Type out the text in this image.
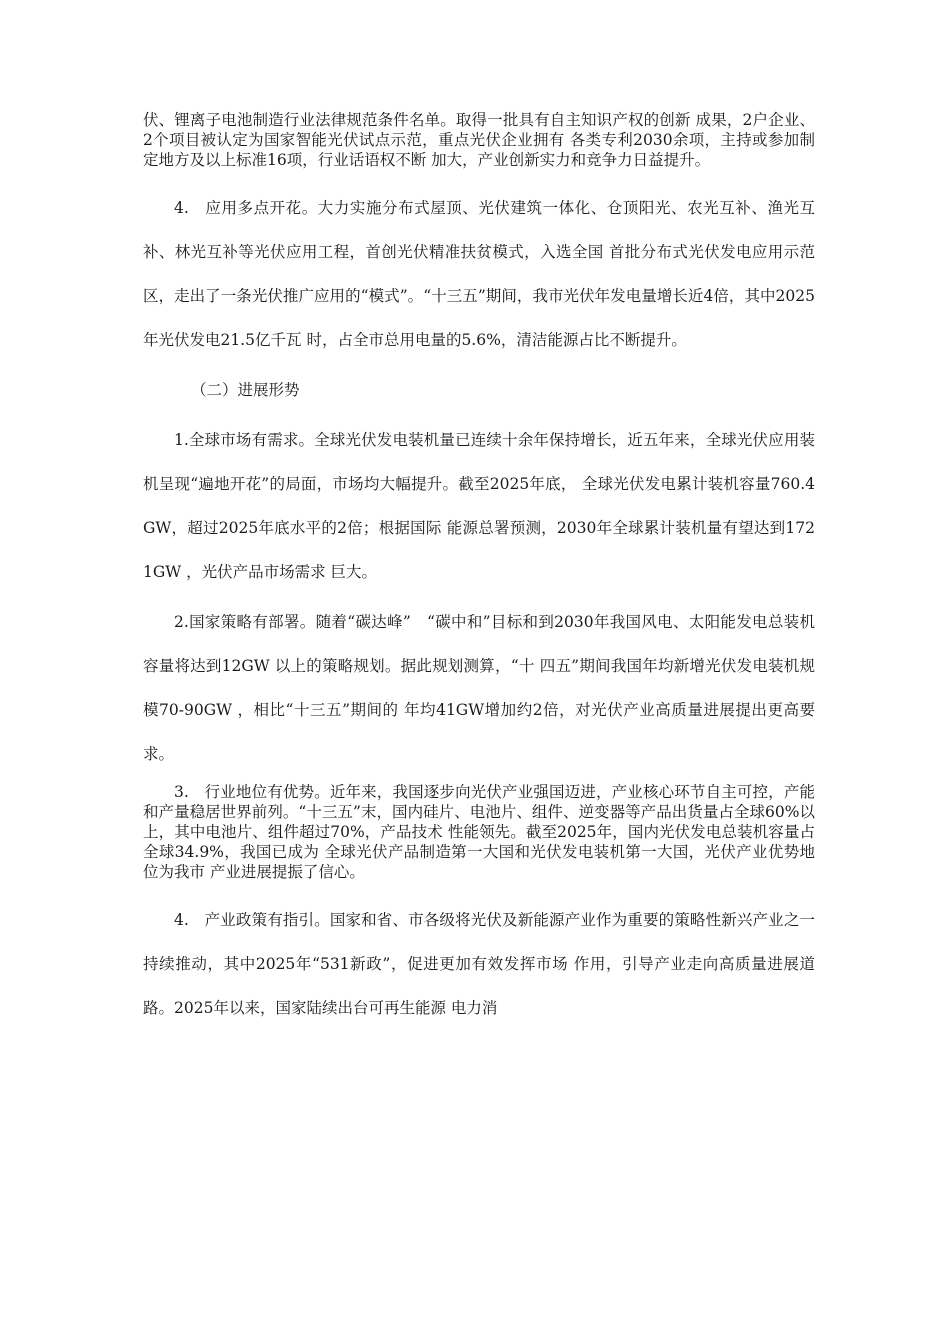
伏、锂离子电池制造行业法律规范条件名单。取得一批具有自主知识产权的创新 成果，2户企业、2个项目被认定为国家智能光伏试点示范，重点光伏企业拥有 各类专利2030余项，主持或参加制定地方及以上标准16项，行业话语权不断 加大，产业创新实力和竞争力日益提升。

4.　应用多点开花。大力实施分布式屋顶、光伏建筑一体化、仓顶阳光、农光互补、渔光互补、林光互补等光伏应用工程，首创光伏精准扶贫模式，入选全国 首批分布式光伏发电应用示范区，走出了一条光伏推广应用的“模式”。“十三五”期间，我市光伏年发电量增长近4倍，其中2025年光伏发电21.5亿千瓦 时，占全市总用电量的5.6%，清洁能源占比不断提升。

（二）进展形势

1.全球市场有需求。全球光伏发电装机量已连续十余年保持增长，近五年来，全球光伏应用装机呈现“遍地开花”的局面，市场均大幅提升。截至2025年底， 全球光伏发电累计装机容量760.4GW，超过2025年底水平的2倍；根据国际 能源总署预测，2030年全球累计装机量有望达到1721GW ，光伏产品市场需求 巨大。

2.国家策略有部署。随着“碳达峰”　“碳中和”目标和到2030年我国风电、太阳能发电总装机容量将达到12GW 以上的策略规划。据此规划测算，“十 四五”期间我国年均新增光伏发电装机规模70-90GW ，相比“十三五”期间的 年均41GW增加约2倍，对光伏产业高质量进展提出更高要求。

3.　行业地位有优势。近年来，我国逐步向光伏产业强国迈进，产业核心环节自主可控，产能和产量稳居世界前列。“十三五”末，国内硅片、电池片、组件、逆变器等产品出货量占全球60%以上，其中电池片、组件超过70%，产品技术 性能领先。截至2025年，国内光伏发电总装机容量占全球34.9%，我国已成为 全球光伏产品制造第一大国和光伏发电装机第一大国，光伏产业优势地位为我市 产业进展提振了信心。

4.　产业政策有指引。国家和省、市各级将光伏及新能源产业作为重要的策略性新兴产业之一持续推动，其中2025年“531新政”，促进更加有效发挥市场 作用，引导产业走向高质量进展道路。2025年以来，国家陆续出台可再生能源 电力消
